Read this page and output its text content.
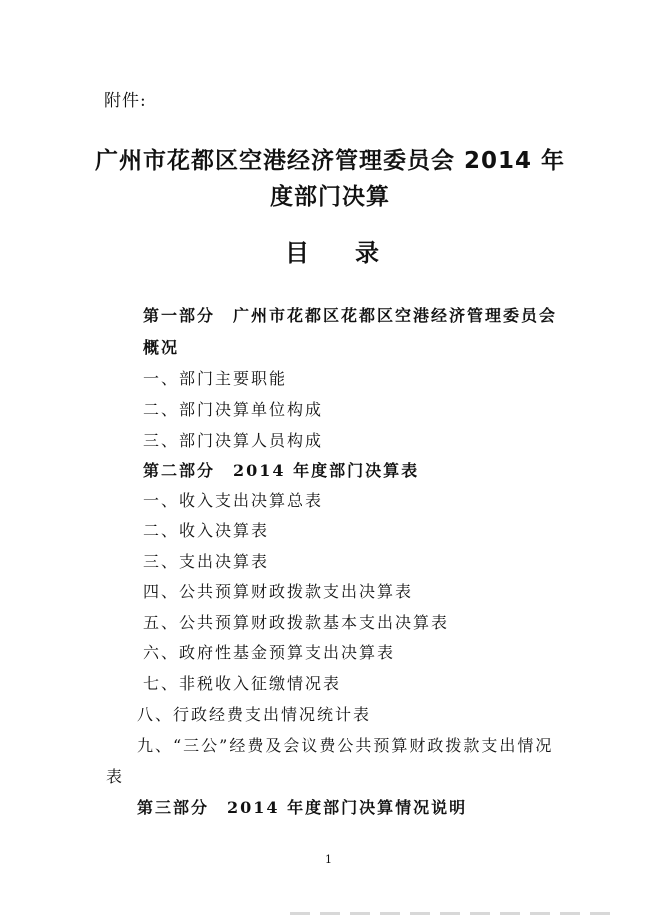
附件:
广州市花都区空港经济管理委员会 2014 年
度部门决算
目 录
第一部分　广州市花都区花都区空港经济管理委员会
概况
一、部门主要职能
二、部门决算单位构成
三、部门决算人员构成
第二部分　2014 年度部门决算表
一、收入支出决算总表
二、收入决算表
三、支出决算表
四、公共预算财政拨款支出决算表
五、公共预算财政拨款基本支出决算表
六、政府性基金预算支出决算表
七、非税收入征缴情况表
八、行政经费支出情况统计表
九、“三公”经费及会议费公共预算财政拨款支出情况
表
第三部分　2014 年度部门决算情况说明
1
